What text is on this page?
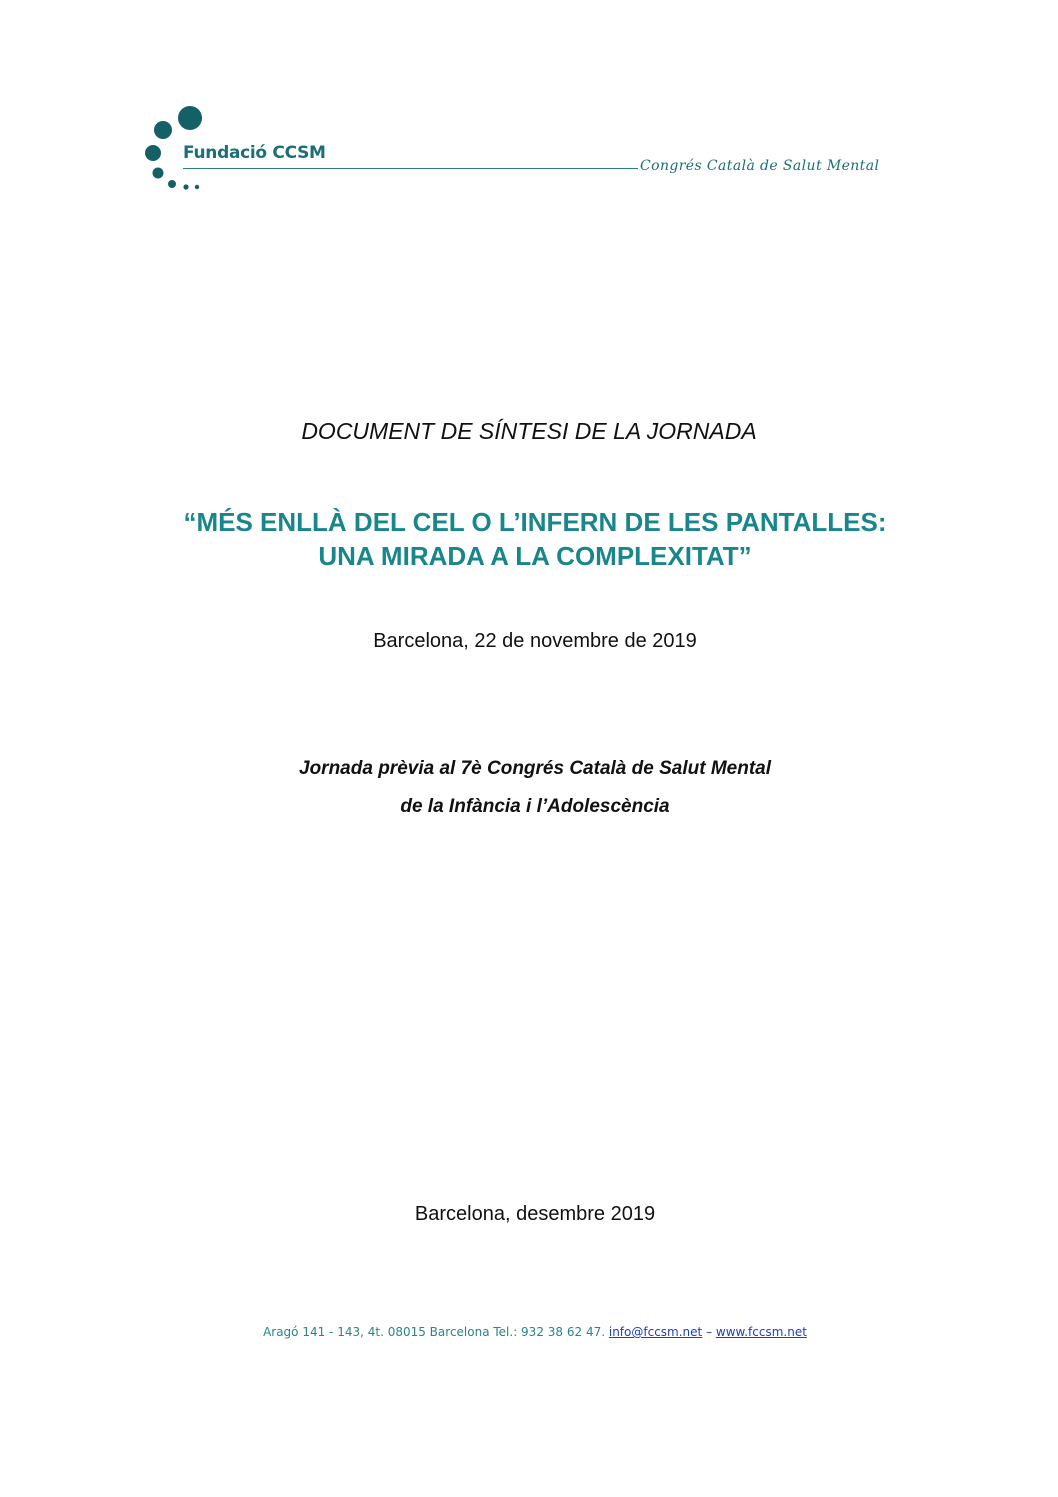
Fundació CCSM
Congrés Català de Salut Mental
DOCUMENT DE SÍNTESI DE LA JORNADA
“MÉS ENLLÀ DEL CEL O L’INFERN DE LES PANTALLES:
UNA MIRADA A LA COMPLEXITAT”
Barcelona, 22 de novembre de 2019
Jornada prèvia al 7è Congrés Català de Salut Mental
de la Infància i l’Adolescència
Barcelona, desembre 2019
Aragó 141 - 143, 4t. 08015 Barcelona Tel.: 932 38 62 47. info@fccsm.net – www.fccsm.net
